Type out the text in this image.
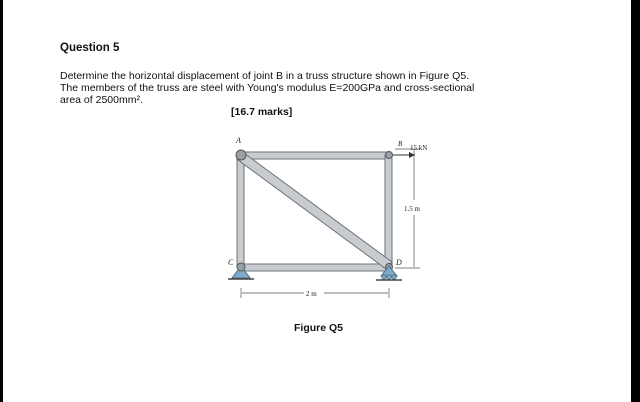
Question 5
Determine the horizontal displacement of joint B in a truss structure shown in Figure Q5.
The members of the truss are steel with Young's modulus E=200GPa and cross-sectional
area of 2500mm².
[16.7 marks]
A	B
C	D
15 kN
1.5 m
2 m
Figure Q5
